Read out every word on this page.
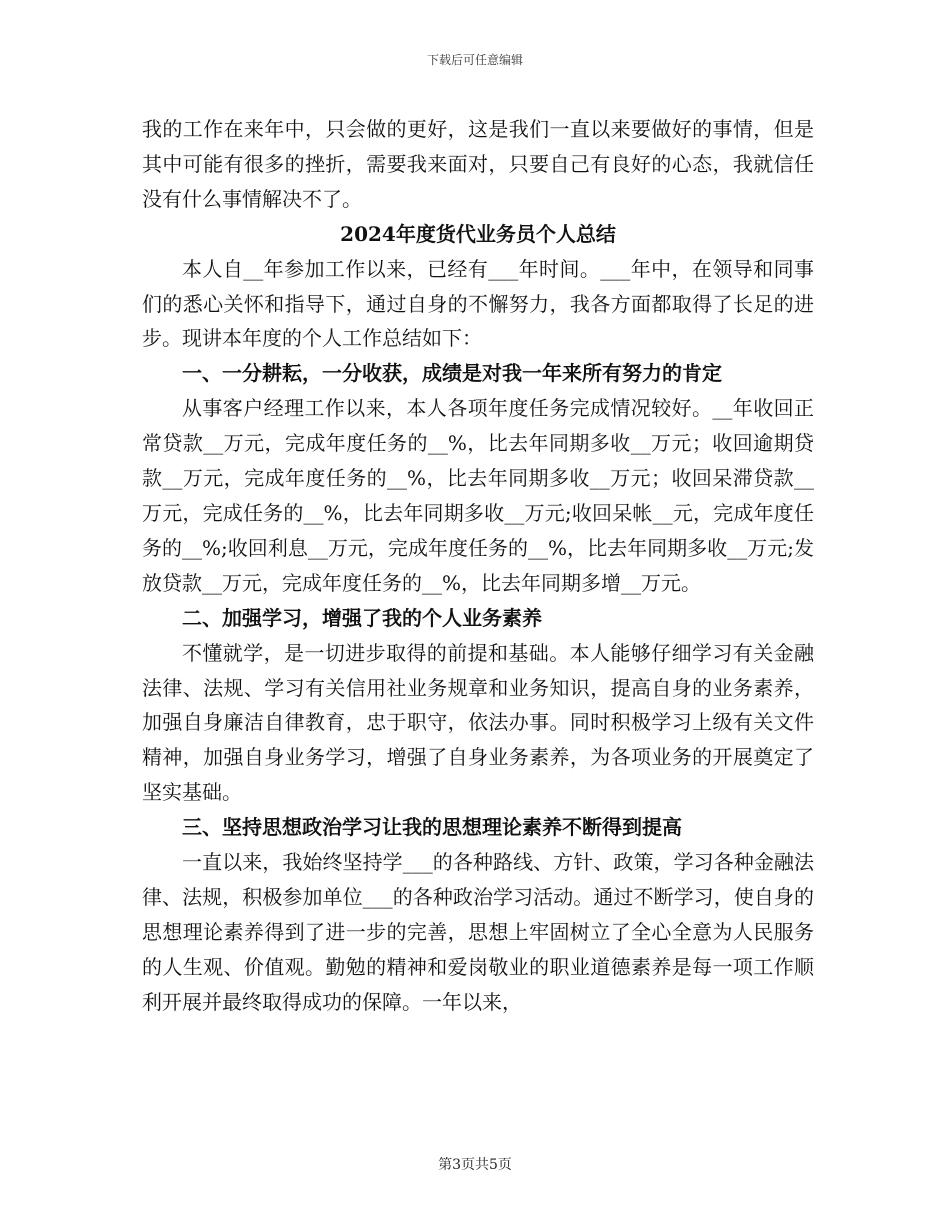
下载后可任意编辑

我的工作在来年中，只会做的更好，这是我们一直以来要做好的事情，但是其中可能有很多的挫折，需要我来面对，只要自己有良好的心态，我就信任没有什么事情解决不了。

2024年度货代业务员个人总结

本人自__年参加工作以来，已经有___年时间。___年中，在领导和同事们的悉心关怀和指导下，通过自身的不懈努力，我各方面都取得了长足的进步。现讲本年度的个人工作总结如下：

一、一分耕耘，一分收获，成绩是对我一年来所有努力的肯定

从事客户经理工作以来，本人各项年度任务完成情况较好。__年收回正常贷款__万元，完成年度任务的__%，比去年同期多收__万元；收回逾期贷款__万元，完成年度任务的__%，比去年同期多收__万元；收回呆滞贷款__万元，完成任务的__%，比去年同期多收__万元;收回呆帐__元，完成年度任务的__%;收回利息__万元，完成年度任务的__%，比去年同期多收__万元;发放贷款__万元，完成年度任务的__%，比去年同期多增__万元。

二、加强学习，增强了我的个人业务素养

不懂就学，是一切进步取得的前提和基础。本人能够仔细学习有关金融法律、法规、学习有关信用社业务规章和业务知识，提高自身的业务素养，加强自身廉洁自律教育，忠于职守，依法办事。同时积极学习上级有关文件精神，加强自身业务学习，增强了自身业务素养，为各项业务的开展奠定了坚实基础。

三、坚持思想政治学习让我的思想理论素养不断得到提高

一直以来，我始终坚持学___的各种路线、方针、政策，学习各种金融法律、法规，积极参加单位___的各种政治学习活动。通过不断学习，使自身的思想理论素养得到了进一步的完善，思想上牢固树立了全心全意为人民服务的人生观、价值观。勤勉的精神和爱岗敬业的职业道德素养是每一项工作顺利开展并最终取得成功的保障。一年以来，

第3页共5页
